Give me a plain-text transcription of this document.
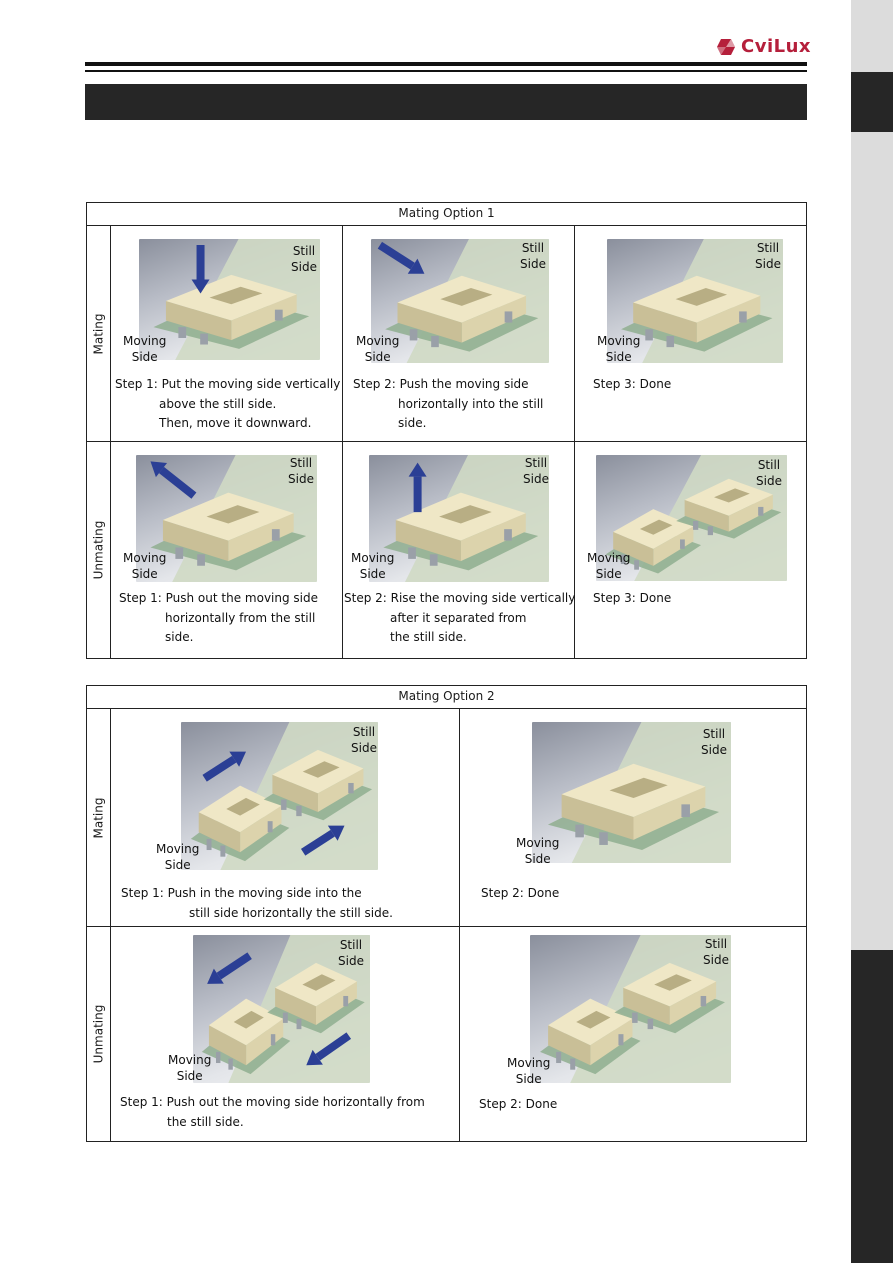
CviLux
Mating Option 1
Mating
Unmating
Mating Option 2
Mating
Unmating
Still
Side
Moving
Side
Step 1: Put the moving side vertically
above the still side.
Then, move it downward.
Still
Side
Moving
Side
Step 2: Push the moving side
horizontally into the still
side.
Still
Side
Moving
Side
Step 3: Done
Still
Side
Moving
Side
Step 1: Push out the moving side
horizontally from the still
side.
Still
Side
Moving
Side
Step 2: Rise the moving side vertically
after it separated from
the still side.
Still
Side
Moving
Side
Step 3: Done
Still
Side
Moving
Side
Step 1: Push in the moving side into the
still side horizontally the still side.
Still
Side
Moving
Side
Step 2: Done
Still
Side
Moving
Side
Step 1: Push out the moving side horizontally from
the still side.
Still
Side
Moving
Side
Step 2: Done
